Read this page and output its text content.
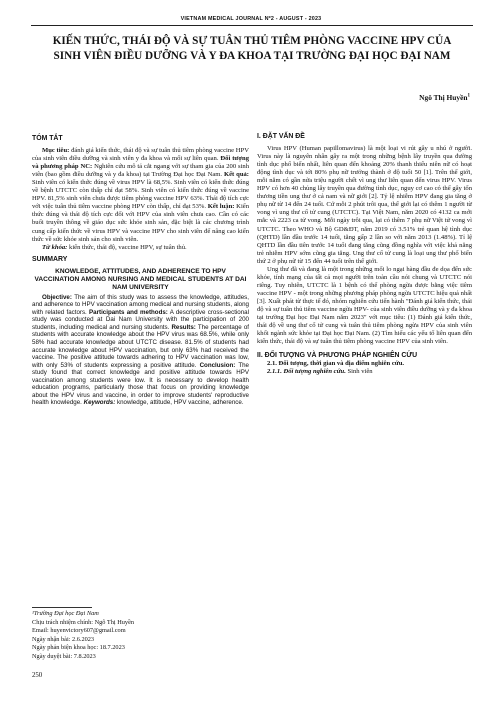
VIETNAM MEDICAL JOURNAL Nº2 - AUGUST - 2023
KIẾN THỨC, THÁI ĐỘ VÀ SỰ TUÂN THỦ TIÊM PHÒNG VACCINE HPV CỦA SINH VIÊN ĐIỀU DƯỠNG VÀ Y ĐA KHOA TẠI TRƯỜNG ĐẠI HỌC ĐẠI NAM
Ngô Thị Huyền$^1$

TÓM TẮT

Mục tiêu: đánh giá kiến thức, thái độ và sự tuân thủ tiêm phòng vaccine HPV của sinh viên điều dưỡng và sinh viên y đa khoa và mối sự liên quan. Đối tượng và phương pháp NC: Nghiên cứu mô tả cắt ngang với sự tham gia của 200 sinh viên (bao gồm điều dưỡng và y đa khoa) tại Trường Đại học Đại Nam. Kết quả: Sinh viên có kiến thức đúng về virus HPV là 68,5%. Sinh viên có kiến thức đúng về bệnh UTCTC còn thấp chỉ đạt 58%. Sinh viên có kiến thức đúng về vaccine HPV. 81,5% sinh viên chưa được tiêm phòng vaccine HPV 63%. Thái độ tích cực với việc tuân thủ tiêm vaccine phòng HPV còn thấp, chỉ đạt 53%. Kết luận: Kiến thức đúng và thái độ tích cực đối với HPV của sinh viên chưa cao. Cần có các buổi truyền thông về giáo dục sức khỏe sinh sản, đặc biệt là các chương trình cung cấp kiến thức về virus HPV và vaccine HPV cho sinh viên để nâng cao kiến thức về sức khỏe sinh sản cho sinh viên.

Từ khóa: kiến thức, thái độ, vaccine HPV, sự tuân thủ.

SUMMARY

KNOWLEDGE, ATTITUDES, AND ADHERENCE TO HPV VACCINATION AMONG NURSING AND MEDICAL STUDENTS AT DAI NAM UNIVERSITY

Objective: The aim of this study was to assess the knowledge, attitudes, and adherence to HPV vaccination among medical and nursing students, along with related factors. Participants and methods: A descriptive cross-sectional study was conducted at Dai Nam University with the participation of 200 students, including medical and nursing students. Results: The percentage of students with accurate knowledge about the HPV virus was 68.5%, while only 58% had accurate knowledge about UTCTC disease. 81.5% of students had accurate knowledge about HPV vaccination, but only 63% had received the vaccine. The positive attitude towards adhering to HPV vaccination was low, with only 53% of students expressing a positive attitude. Conclusion: The study found that correct knowledge and positive attitude towards HPV vaccination among students were low. It is necessary to develop health education programs, particularly those that focus on providing knowledge about the HPV virus and vaccine, in order to improve students' reproductive health knowledge. Keywords: knowledge, attitude, HPV vaccine, adherence.

¹Trường Đại học Đại Nam
Chịu trách nhiệm chính: Ngô Thị Huyền
Email: huyenvictory607@gmail.com
Ngày nhận bài: 2.6.2023
Ngày phản biện khoa học: 18.7.2023
Ngày duyệt bài: 7.8.2023
250

I. ĐẶT VẤN ĐỀ

Virus HPV (Human papillomavirus) là một loại vi rút gây u nhú ở người. Virus này là nguyên nhân gây ra một trong những bệnh lây truyền qua đường tình dục phổ biến nhất, liên quan đến khoảng 20% thanh thiếu niên nữ có hoạt động tình dục và tới 80% phụ nữ trưởng thành ở độ tuổi 50 [1]. Trên thế giới, mỗi năm có gần nửa triệu người chết vì ung thư liên quan đến virus HPV. Virus HPV có hơn 40 chủng lây truyền qua đường tình dục, nguy cơ cao có thể gây tổn thương tiền ung thư ở cả nam và nữ giới [2]. Tỷ lệ nhiễm HPV đang gia tăng ở phụ nữ từ 14 đến 24 tuổi. Cứ mỗi 2 phút trôi qua, thế giới lại có thêm 1 người từ vong vì ung thư cổ tử cung (UTCTC). Tại Việt Nam, năm 2020 có 4132 ca mới mắc và 2223 ca tử vong. Mỗi ngày trôi qua, lại có thêm 7 phụ nữ Việt tử vong vì UTCTC. Theo WHO và Bộ GD&ĐT, năm 2019 có 3.51% trẻ quan hệ tình dục (QHTD) lần đầu trước 14 tuổi, tăng gấp 2 lần so với năm 2013 (1.48%). Tỉ lệ QHTD lần đầu tiên trước 14 tuổi đang tăng cũng đồng nghĩa với việc khả năng trẻ nhiễm HPV sớm cũng gia tăng. Ung thư cổ tử cung là loại ung thư phổ biến thứ 2 ở phụ nữ từ 15 đến 44 tuổi trên thế giới.

Ung thư đã và đang là một trong những mối lo ngại hàng đầu đe dọa đến sức khỏe, tính mạng của tất cả mọi người trên toàn cầu nói chung và UTCTC nói riêng. Tuy nhiên, UTCTC là 1 bệnh có thể phòng ngừa được bằng việc tiêm vaccine HPV - một trong những phương pháp phòng ngừa UTCTC hiệu quả nhất [3]. Xuất phát từ thực tế đó, nhóm nghiên cứu tiến hành "Đánh giá kiến thức, thái độ và sự tuân thủ tiêm vaccine ngừa HPV- của sinh viên điều dưỡng và y đa khoa tại trường Đại học Đại Nam năm 2023" với mục tiêu: (1) Đánh giá kiến thức, thái độ về ung thư cổ tử cung và tuân thủ tiêm phòng ngừa HPV của sinh viên khối ngành sức khỏe tại Đại học Đại Nam. (2) Tìm hiểu các yếu tố liên quan đến kiến thức, thái độ và sự tuân thủ tiêm phòng vaccine HPV của sinh viên.

II. ĐỐI TƯỢNG VÀ PHƯƠNG PHÁP NGHIÊN CỨU

2.1. Đối tượng, thời gian và địa điểm nghiên cứu.

2.1.1. Đối tượng nghiên cứu. Sinh viên
